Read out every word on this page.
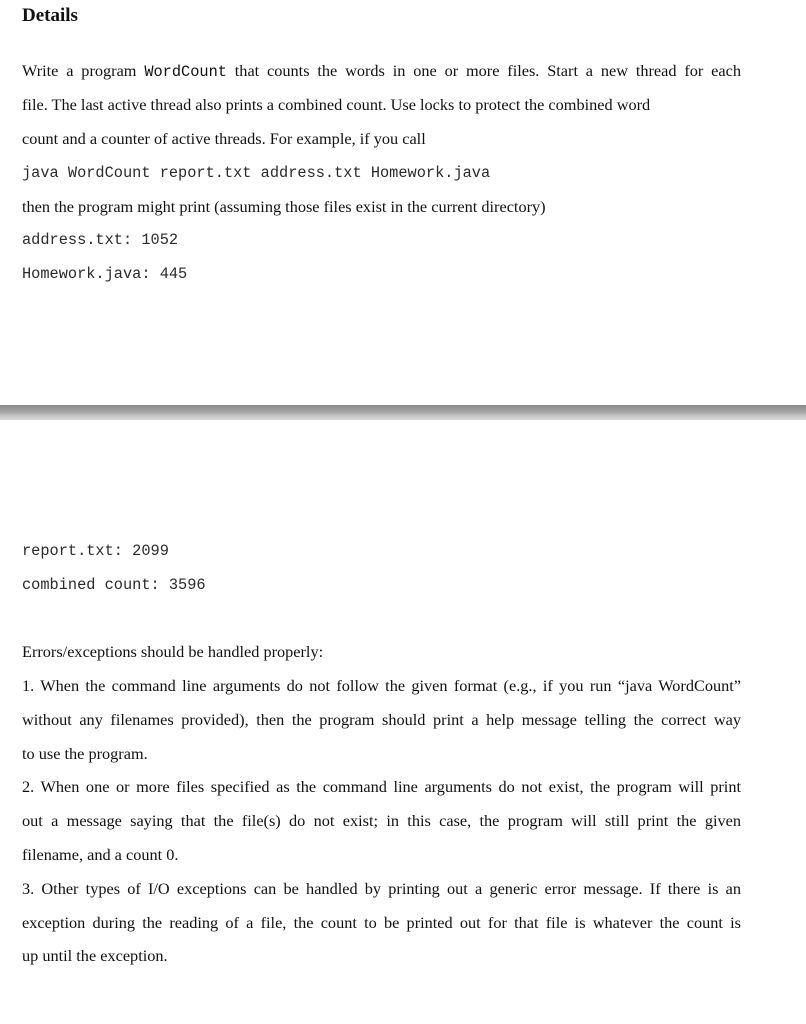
Details

Write a program WordCount that counts the words in one or more files. Start a new thread for each

file. The last active thread also prints a combined count. Use locks to protect the combined word

count and a counter of active threads. For example, if you call

java WordCount report.txt address.txt Homework.java

then the program might print (assuming those files exist in the current directory)

address.txt: 1052

Homework.java: 445

report.txt: 2099

combined count: 3596

Errors/exceptions should be handled properly:

1. When the command line arguments do not follow the given format (e.g., if you run “java WordCount”

without any filenames provided), then the program should print a help message telling the correct way

to use the program.

2. When one or more files specified as the command line arguments do not exist, the program will print

out a message saying that the file(s) do not exist; in this case, the program will still print the given

filename, and a count 0.

3. Other types of I/O exceptions can be handled by printing out a generic error message. If there is an

exception during the reading of a file, the count to be printed out for that file is whatever the count is

up until the exception.
